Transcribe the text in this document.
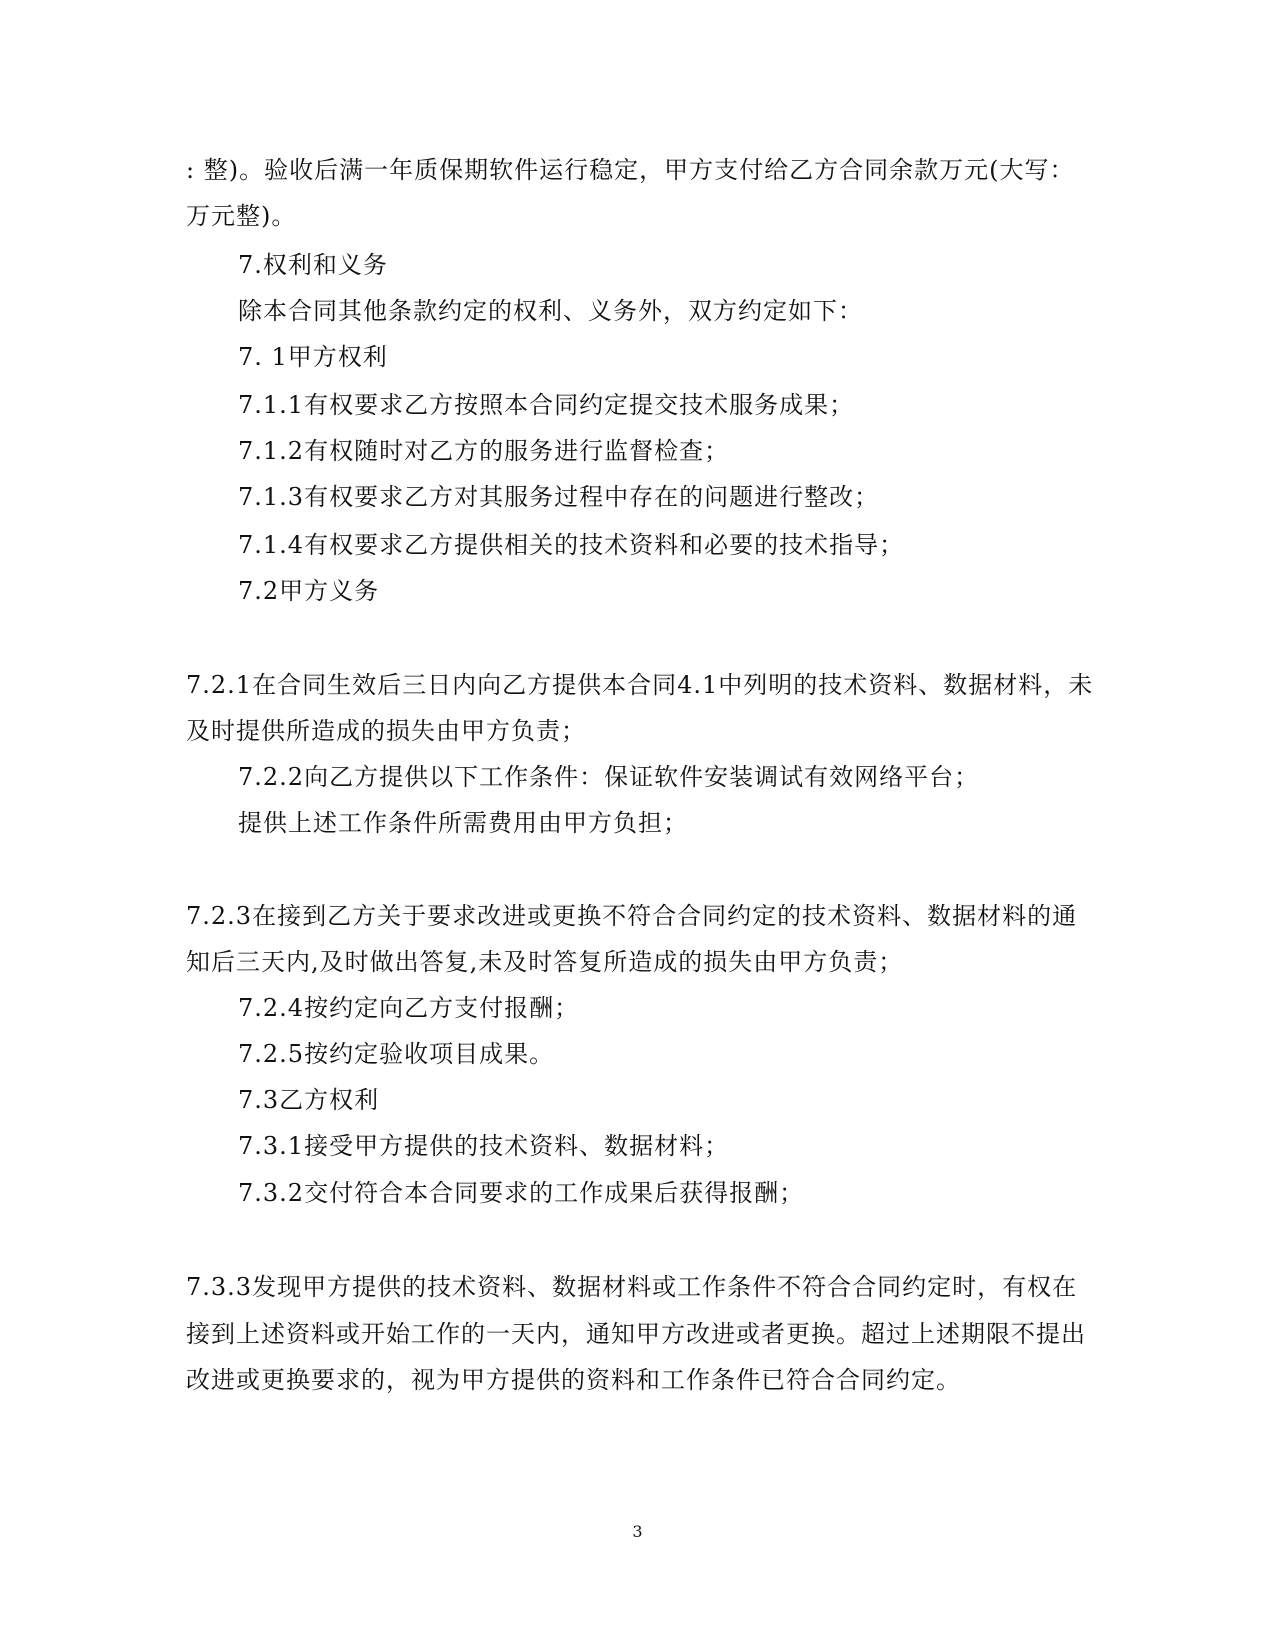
: 整)。验收后满一年质保期软件运行稳定，甲方支付给乙方合同余款万元(大写：
万元整)。
7.权利和义务
除本合同其他条款约定的权利、义务外，双方约定如下：
7. 1甲方权利
7.1.1有权要求乙方按照本合同约定提交技术服务成果；
7.1.2有权随时对乙方的服务进行监督检查；
7.1.3有权要求乙方对其服务过程中存在的问题进行整改；
7.1.4有权要求乙方提供相关的技术资料和必要的技术指导；
7.2甲方义务
7.2.1在合同生效后三日内向乙方提供本合同4.1中列明的技术资料、数据材料，未
及时提供所造成的损失由甲方负责；
7.2.2向乙方提供以下工作条件：保证软件安装调试有效网络平台；
提供上述工作条件所需费用由甲方负担；
7.2.3在接到乙方关于要求改进或更换不符合合同约定的技术资料、数据材料的通
知后三天内,及时做出答复,未及时答复所造成的损失由甲方负责；
7.2.4按约定向乙方支付报酬；
7.2.5按约定验收项目成果。
7.3乙方权利
7.3.1接受甲方提供的技术资料、数据材料；
7.3.2交付符合本合同要求的工作成果后获得报酬；
7.3.3发现甲方提供的技术资料、数据材料或工作条件不符合合同约定时，有权在
接到上述资料或开始工作的一天内，通知甲方改进或者更换。超过上述期限不提出
改进或更换要求的，视为甲方提供的资料和工作条件已符合合同约定。
3
